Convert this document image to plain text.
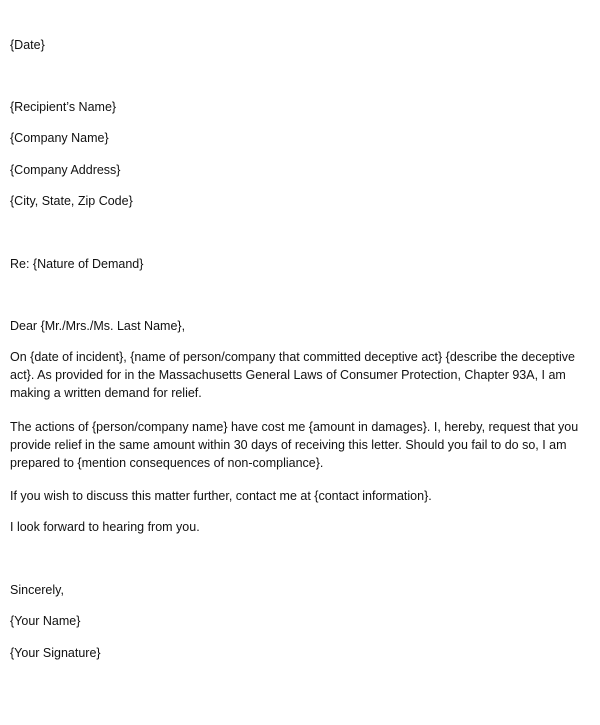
{Date}

{Recipient’s Name}

{Company Name}

{Company Address}

{City, State, Zip Code}

Re: {Nature of Demand}

Dear {Mr./Mrs./Ms. Last Name},

On {date of incident}, {name of person/company that committed deceptive act} {describe the deceptive act}. As provided for in the Massachusetts General Laws of Consumer Protection, Chapter 93A, I am making a written demand for relief.

The actions of {person/company name} have cost me {amount in damages}. I, hereby, request that you provide relief in the same amount within 30 days of receiving this letter. Should you fail to do so, I am prepared to {mention consequences of non-compliance}.

If you wish to discuss this matter further, contact me at {contact information}.

I look forward to hearing from you.

Sincerely,

{Your Name}

{Your Signature}
